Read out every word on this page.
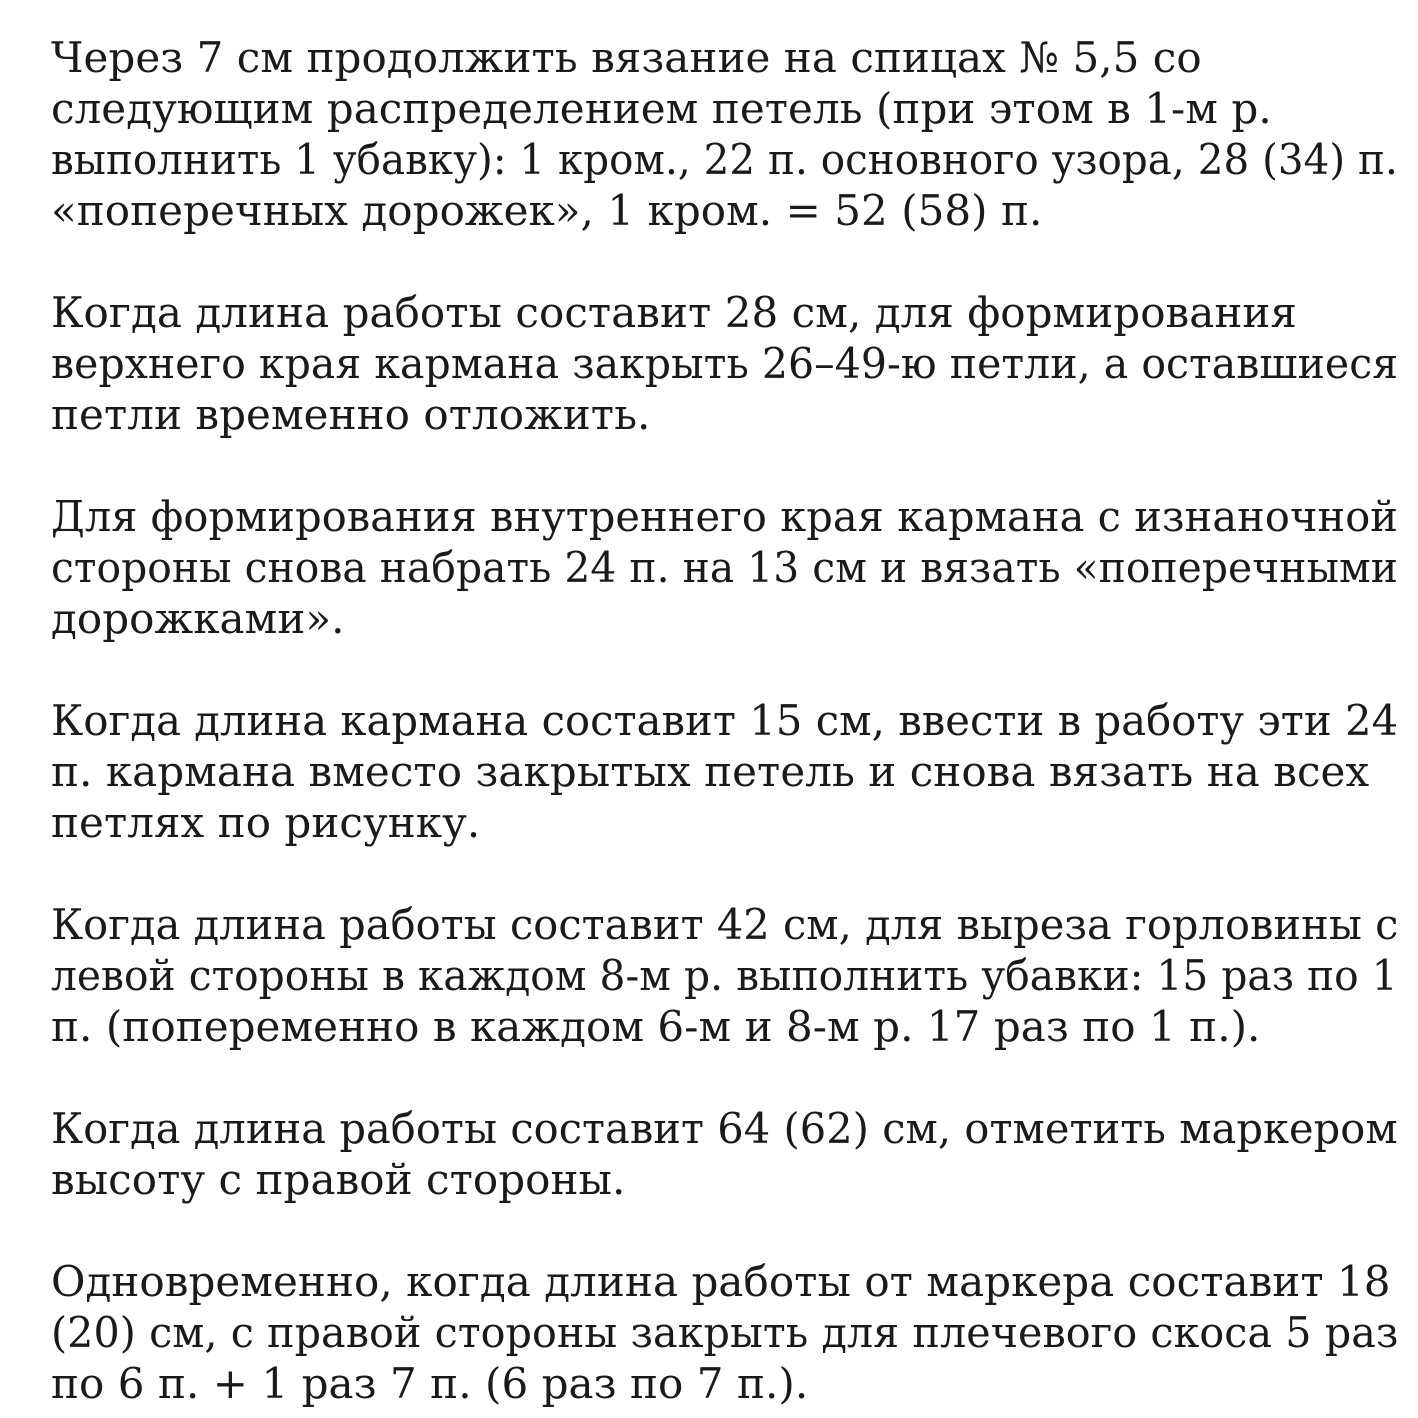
Через 7 см продолжить вязание на спицах № 5,5 со
следующим распределением петель (при этом в 1-м р.
выполнить 1 убавку): 1 кром., 22 п. основного узора, 28 (34) п.
«поперечных дорожек», 1 кром. = 52 (58) п.
Когда длина работы составит 28 см, для формирования
верхнего края кармана закрыть 26–49-ю петли, а оставшиеся
петли временно отложить.
Для формирования внутреннего края кармана с изнаночной
стороны снова набрать 24 п. на 13 см и вязать «поперечными
дорожками».
Когда длина кармана составит 15 см, ввести в работу эти 24
п. кармана вместо закрытых петель и снова вязать на всех
петлях по рисунку.
Когда длина работы составит 42 см, для выреза горловины с
левой стороны в каждом 8-м р. выполнить убавки: 15 раз по 1
п. (попеременно в каждом 6-м и 8-м р. 17 раз по 1 п.).
Когда длина работы составит 64 (62) см, отметить маркером
высоту с правой стороны.
Одновременно, когда длина работы от маркера составит 18
(20) см, с правой стороны закрыть для плечевого скоса 5 раз
по 6 п. + 1 раз 7 п. (6 раз по 7 п.).
